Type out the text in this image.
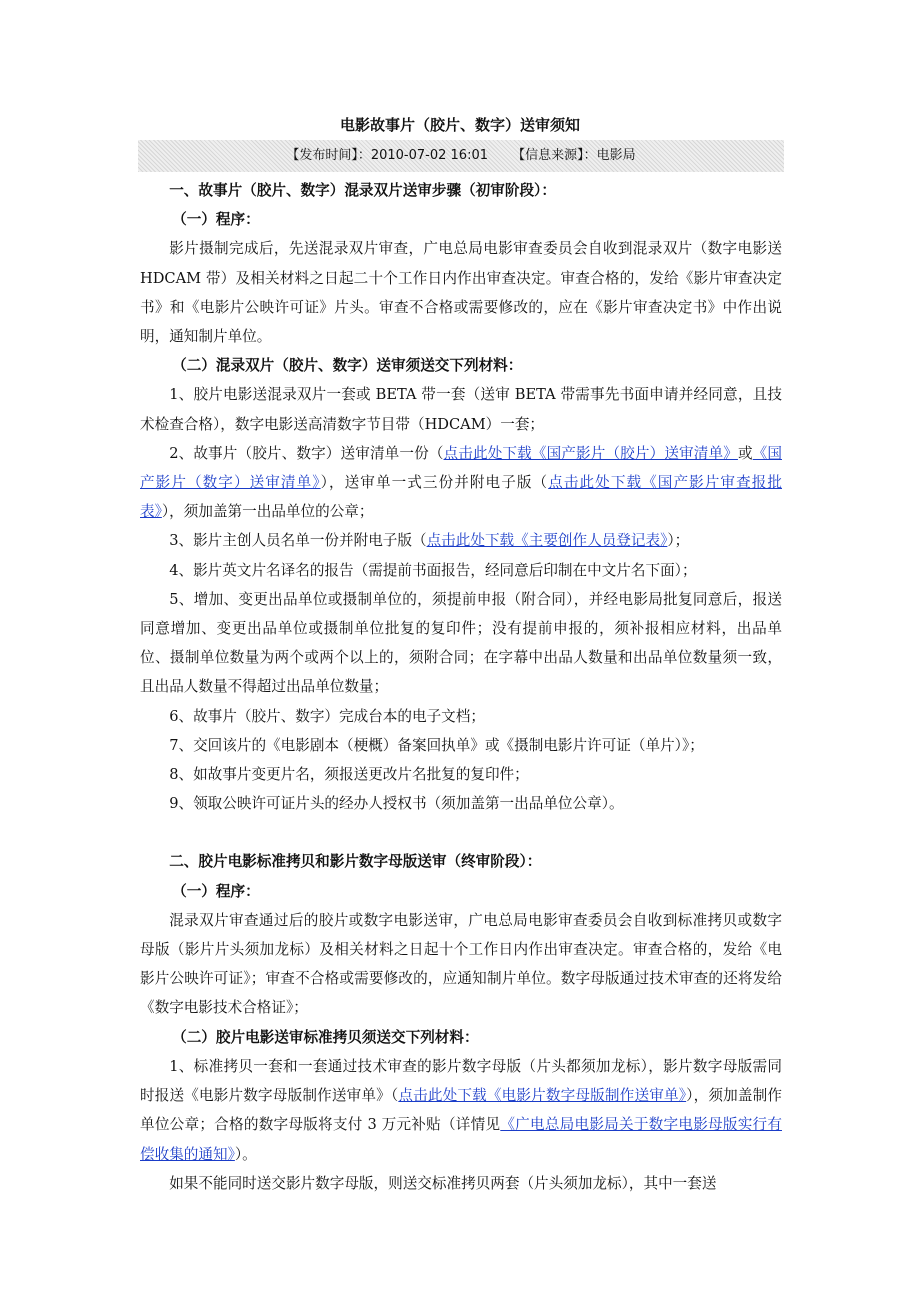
电影故事片（胶片、数字）送审须知
【发布时间】：2010-07-02 16:01 【信息来源】：电影局
一、故事片（胶片、数字）混录双片送审步骤（初审阶段）：
（一）程序：

影片摄制完成后，先送混录双片审查，广电总局电影审查委员会自收到混录双片（数字电影送 HDCAM 带）及相关材料之日起二十个工作日内作出审查决定。审查合格的，发给《影片审查决定书》和《电影片公映许可证》片头。审查不合格或需要修改的，应在《影片审查决定书》中作出说明，通知制片单位。

（二）混录双片（胶片、数字）送审须送交下列材料：

1、胶片电影送混录双片一套或 BETA 带一套（送审 BETA 带需事先书面申请并经同意，且技术检查合格），数字电影送高清数字节目带（HDCAM）一套；

2、故事片（胶片、数字）送审清单一份（点击此处下载《国产影片（胶片）送审清单》或《国产影片（数字）送审清单》），送审单一式三份并附电子版（点击此处下载《国产影片审查报批表》），须加盖第一出品单位的公章；

3、影片主创人员名单一份并附电子版（点击此处下载《主要创作人员登记表》）；

4、影片英文片名译名的报告（需提前书面报告，经同意后印制在中文片名下面）；

5、增加、变更出品单位或摄制单位的，须提前申报（附合同），并经电影局批复同意后，报送同意增加、变更出品单位或摄制单位批复的复印件；没有提前申报的，须补报相应材料，出品单位、摄制单位数量为两个或两个以上的，须附合同；在字幕中出品人数量和出品单位数量须一致，且出品人数量不得超过出品单位数量；

6、故事片（胶片、数字）完成台本的电子文档；

7、交回该片的《电影剧本（梗概）备案回执单》或《摄制电影片许可证（单片）》；

8、如故事片变更片名，须报送更改片名批复的复印件；

9、领取公映许可证片头的经办人授权书（须加盖第一出品单位公章）。

二、胶片电影标准拷贝和影片数字母版送审（终审阶段）：
（一）程序：

混录双片审查通过后的胶片或数字电影送审，广电总局电影审查委员会自收到标准拷贝或数字母版（影片片头须加龙标）及相关材料之日起十个工作日内作出审查决定。审查合格的，发给《电影片公映许可证》；审查不合格或需要修改的，应通知制片单位。数字母版通过技术审查的还将发给《数字电影技术合格证》；

（二）胶片电影送审标准拷贝须送交下列材料：

1、标准拷贝一套和一套通过技术审查的影片数字母版（片头都须加龙标），影片数字母版需同时报送《电影片数字母版制作送审单》（点击此处下载《电影片数字母版制作送审单》），须加盖制作单位公章；合格的数字母版将支付 3 万元补贴（详情见《广电总局电影局关于数字电影母版实行有偿收集的通知》）。

如果不能同时送交影片数字母版，则送交标准拷贝两套（片头须加龙标），其中一套送
